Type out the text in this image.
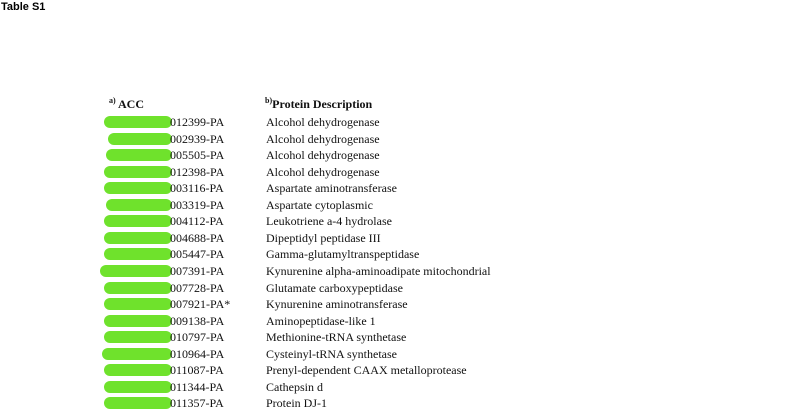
Table S1
$^{a)}$ ACC	$^{b)}$Protein Description
012399-PA	Alcohol dehydrogenase
002939-PA	Alcohol dehydrogenase
005505-PA	Alcohol dehydrogenase
012398-PA	Alcohol dehydrogenase
003116-PA	Aspartate aminotransferase
003319-PA	Aspartate cytoplasmic
004112-PA	Leukotriene a-4 hydrolase
004688-PA	Dipeptidyl peptidase III
005447-PA	Gamma-glutamyltranspeptidase
007391-PA	Kynurenine alpha-aminoadipate mitochondrial
007728-PA	Glutamate carboxypeptidase
007921-PA*	Kynurenine aminotransferase
009138-PA	Aminopeptidase-like 1
010797-PA	Methionine-tRNA synthetase
010964-PA	Cysteinyl-tRNA synthetase
011087-PA	Prenyl-dependent CAAX metalloprotease
011344-PA	Cathepsin d
011357-PA	Protein DJ-1
